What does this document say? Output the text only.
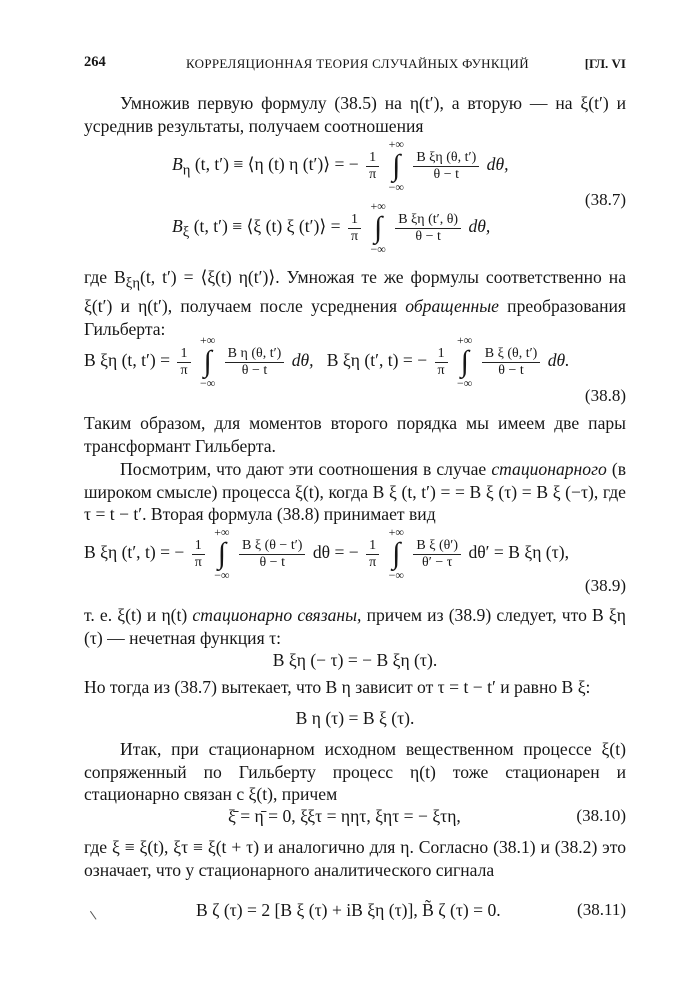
264	КОРРЕЛЯЦИОННАЯ ТЕОРИЯ СЛУЧАЙНЫХ ФУНКЦИЙ	[ГЛ. VI
Умножив первую формулу (38.5) на η(t′), а вторую — на ξ(t′) и усреднив результаты, получаем соотношения
$B_\eta$ (t, t′) ≡ ⟨η (t) η (t′)⟩ = − $\frac{1}{\pi}$

+∞
∫
−∞

$\frac{\text{B ξη (θ, t′)}}{\theta - t} d\theta$,
(38.7)
$B_\xi$ (t, t′) ≡ ⟨ξ (t) ξ (t′)⟩ = $\frac{1}{\pi}$

+∞
∫
−∞

$\frac{\text{B ξη (t′, θ)}}{\theta - t} d\theta$,
где $B_{\xi\eta}(t$, t′) = ⟨ξ(t) η(t′)⟩. Умножая те же формулы соответственно на ξ(t′) и η(t′), получаем после усреднения обращенные преобразования Гильберта:
B ξη (t, $t') = \frac{1}{\pi}$

+∞
∫
−∞

$\frac{\text{B η (θ, t′)}}{\theta - t} d\theta$, B ξη (t′, t) = − $\frac{1}{\pi}$

+∞
∫
−∞

$\frac{\text{B ξ (θ, t′)}}{\theta - t} d\theta$.
(38.8)
Таким образом, для моментов второго порядка мы имеем две пары трансформант Гильберта.
Посмотрим, что дают эти соотношения в случае стационарного (в широком смысле) процесса ξ(t), когда B ξ (t, t′) = = B ξ (τ) = B ξ (−τ), где τ = t − t′. Вторая формула (38.8) принимает вид
B ξη (t′, t) = − $\frac{1}{\pi}$

+∞
∫
−∞

$\frac{\text{B ξ (θ − t′)}}{\theta - t}$ dθ = − $\frac{1}{\pi}$

+∞
∫
−∞

$\frac{\text{B ξ (θ′)}}{\theta' - \tau} d\theta' = B$ ξη (τ),
(38.9)
т. е. ξ(t) и η(t) стационарно связаны, причем из (38.9) следует, что B ξη (τ) — нечетная функция τ:
B ξη (− τ) = − B ξη (τ).
Но тогда из (38.7) вытекает, что B η зависит от τ = t − t′ и равно B ξ:
B η (τ) = B ξ (τ).
Итак, при стационарном исходном вещественном процессе ξ(t) сопряженный по Гильберту процесс η(t) тоже стационарен и стационарно связан с ξ(t), причем
ξ̄ = η̄ = 0, ξξτ = ηητ, ξητ = − ξτη,	(38.10)
где ξ ≡ ξ(t), ξτ ≡ ξ(t + τ) и аналогично для η. Согласно (38.1) и (38.2) это означает, что у стационарного аналитического сигнала
B ζ (τ) = 2 [B ξ (τ) + iB ξη (τ)], B̃ ζ (τ) = 0.	(38.11)
